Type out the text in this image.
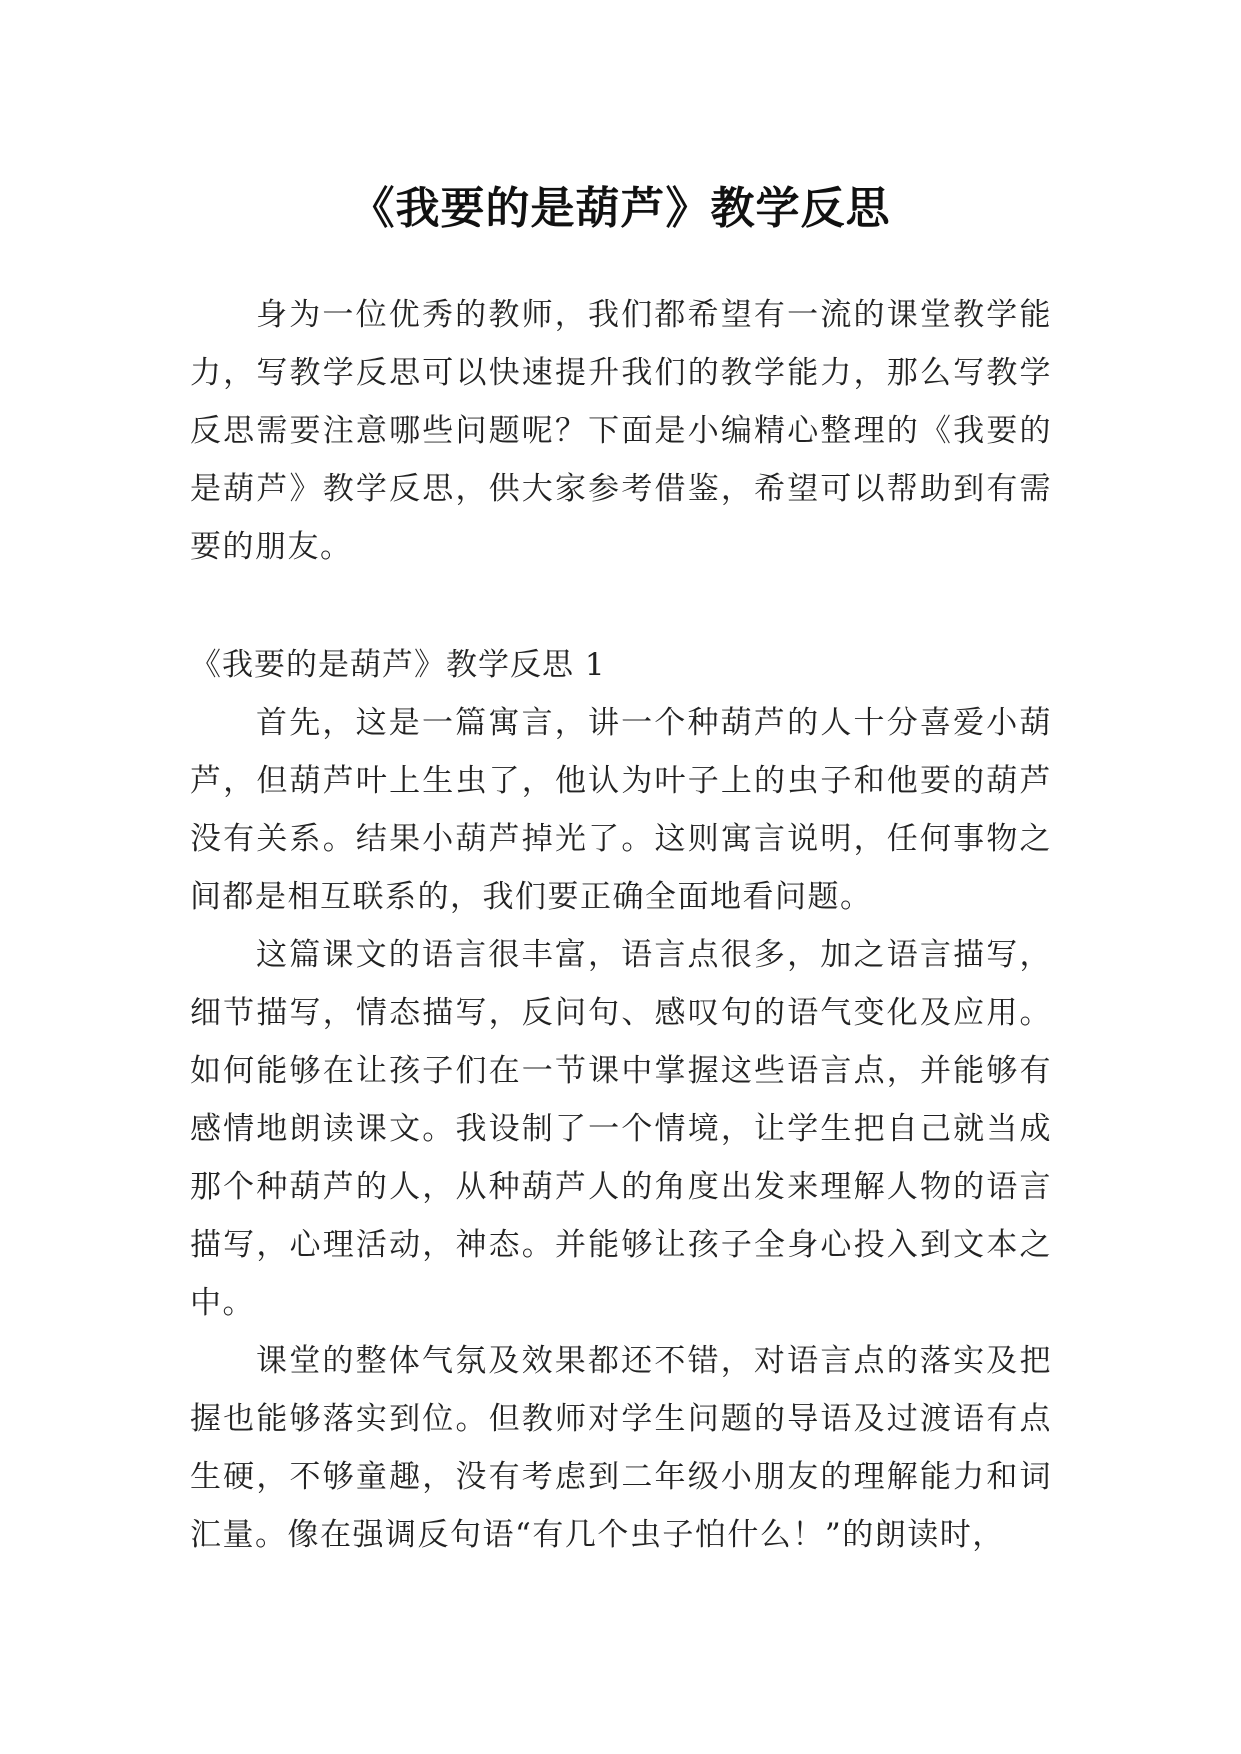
《我要的是葫芦》教学反思

身为一位优秀的教师，我们都希望有一流的课堂教学能力，写教学反思可以快速提升我们的教学能力，那么写教学反思需要注意哪些问题呢？下面是小编精心整理的《我要的是葫芦》教学反思，供大家参考借鉴，希望可以帮助到有需要的朋友。

《我要的是葫芦》教学反思 1

首先，这是一篇寓言，讲一个种葫芦的人十分喜爱小葫芦，但葫芦叶上生虫了，他认为叶子上的虫子和他要的葫芦没有关系。结果小葫芦掉光了。这则寓言说明，任何事物之间都是相互联系的，我们要正确全面地看问题。

这篇课文的语言很丰富，语言点很多，加之语言描写，细节描写，情态描写，反问句、感叹句的语气变化及应用。如何能够在让孩子们在一节课中掌握这些语言点，并能够有感情地朗读课文。我设制了一个情境，让学生把自己就当成那个种葫芦的人，从种葫芦人的角度出发来理解人物的语言描写，心理活动，神态。并能够让孩子全身心投入到文本之中。

课堂的整体气氛及效果都还不错，对语言点的落实及把握也能够落实到位。但教师对学生问题的导语及过渡语有点生硬，不够童趣，没有考虑到二年级小朋友的理解能力和词汇量。像在强调反句语“有几个虫子怕什么！”的朗读时，
